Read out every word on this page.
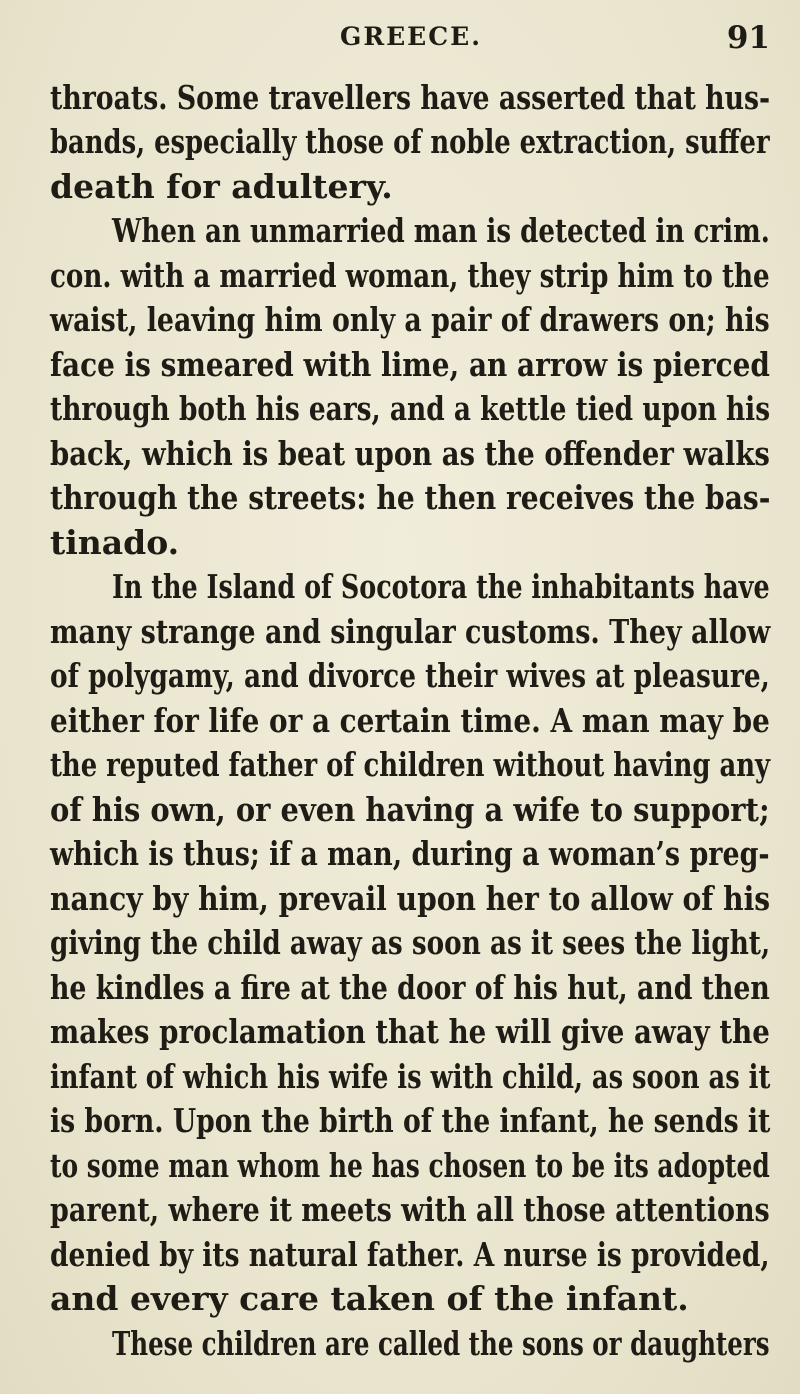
GREECE.	91
throats. Some travellers have asserted that hus-
bands, especially those of noble extraction, suffer
death for adultery.
When an unmarried man is detected in crim.
con. with a married woman, they strip him to the
waist, leaving him only a pair of drawers on; his
face is smeared with lime, an arrow is pierced
through both his ears, and a kettle tied upon his
back, which is beat upon as the offender walks
through the streets: he then receives the bas-
tinado.
In the Island of Socotora the inhabitants have
many strange and singular customs. They allow
of polygamy, and divorce their wives at pleasure,
either for life or a certain time. A man may be
the reputed father of children without having any
of his own, or even having a wife to support;
which is thus; if a man, during a woman’s preg-
nancy by him, prevail upon her to allow of his
giving the child away as soon as it sees the light,
he kindles a fire at the door of his hut, and then
makes proclamation that he will give away the
infant of which his wife is with child, as soon as it
is born. Upon the birth of the infant, he sends it
to some man whom he has chosen to be its adopted
parent, where it meets with all those attentions
denied by its natural father. A nurse is provided,
and every care taken of the infant.
These children are called the sons or daughters
